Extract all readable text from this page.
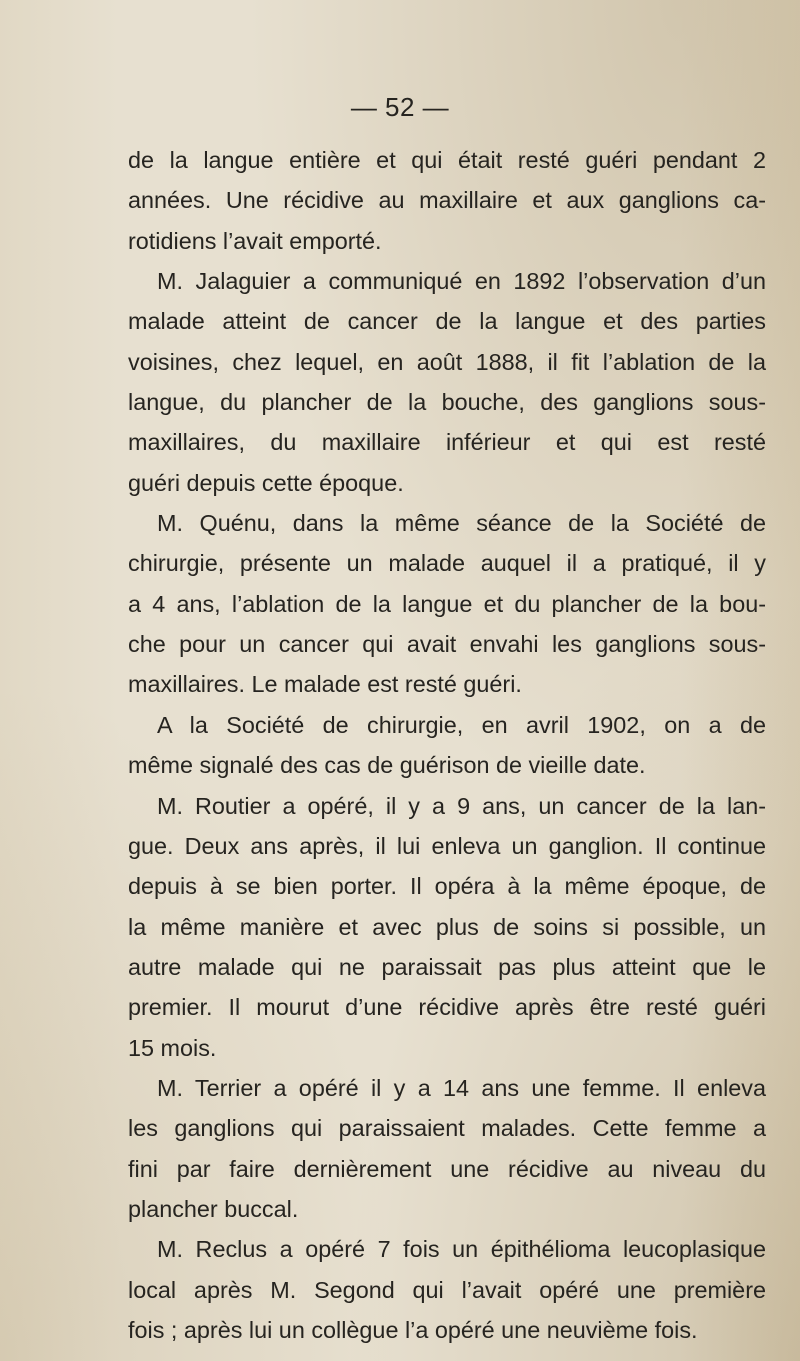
— 52 —
de la langue entière et qui était resté guéri pendant 2
années. Une récidive au maxillaire et aux ganglions ca-
rotidiens l’avait emporté.
M. Jalaguier a communiqué en 1892 l’observation d’un
malade atteint de cancer de la langue et des parties
voisines, chez lequel, en août 1888, il fit l’ablation de la
langue, du plancher de la bouche, des ganglions sous-
maxillaires, du maxillaire inférieur et qui est resté
guéri depuis cette époque.
M. Quénu, dans la même séance de la Société de
chirurgie, présente un malade auquel il a pratiqué, il y
a 4 ans, l’ablation de la langue et du plancher de la bou-
che pour un cancer qui avait envahi les ganglions sous-
maxillaires. Le malade est resté guéri.
A la Société de chirurgie, en avril 1902, on a de
même signalé des cas de guérison de vieille date.
M. Routier a opéré, il y a 9 ans, un cancer de la lan-
gue. Deux ans après, il lui enleva un ganglion. Il continue
depuis à se bien porter. Il opéra à la même époque, de
la même manière et avec plus de soins si possible, un
autre malade qui ne paraissait pas plus atteint que le
premier. Il mourut d’une récidive après être resté guéri
15 mois.
M. Terrier a opéré il y a 14 ans une femme. Il enleva
les ganglions qui paraissaient malades. Cette femme a
fini par faire dernièrement une récidive au niveau du
plancher buccal.
M. Reclus a opéré 7 fois un épithélioma leucoplasique
local après M. Segond qui l’avait opéré une première
fois ; après lui un collègue l’a opéré une neuvième fois.
